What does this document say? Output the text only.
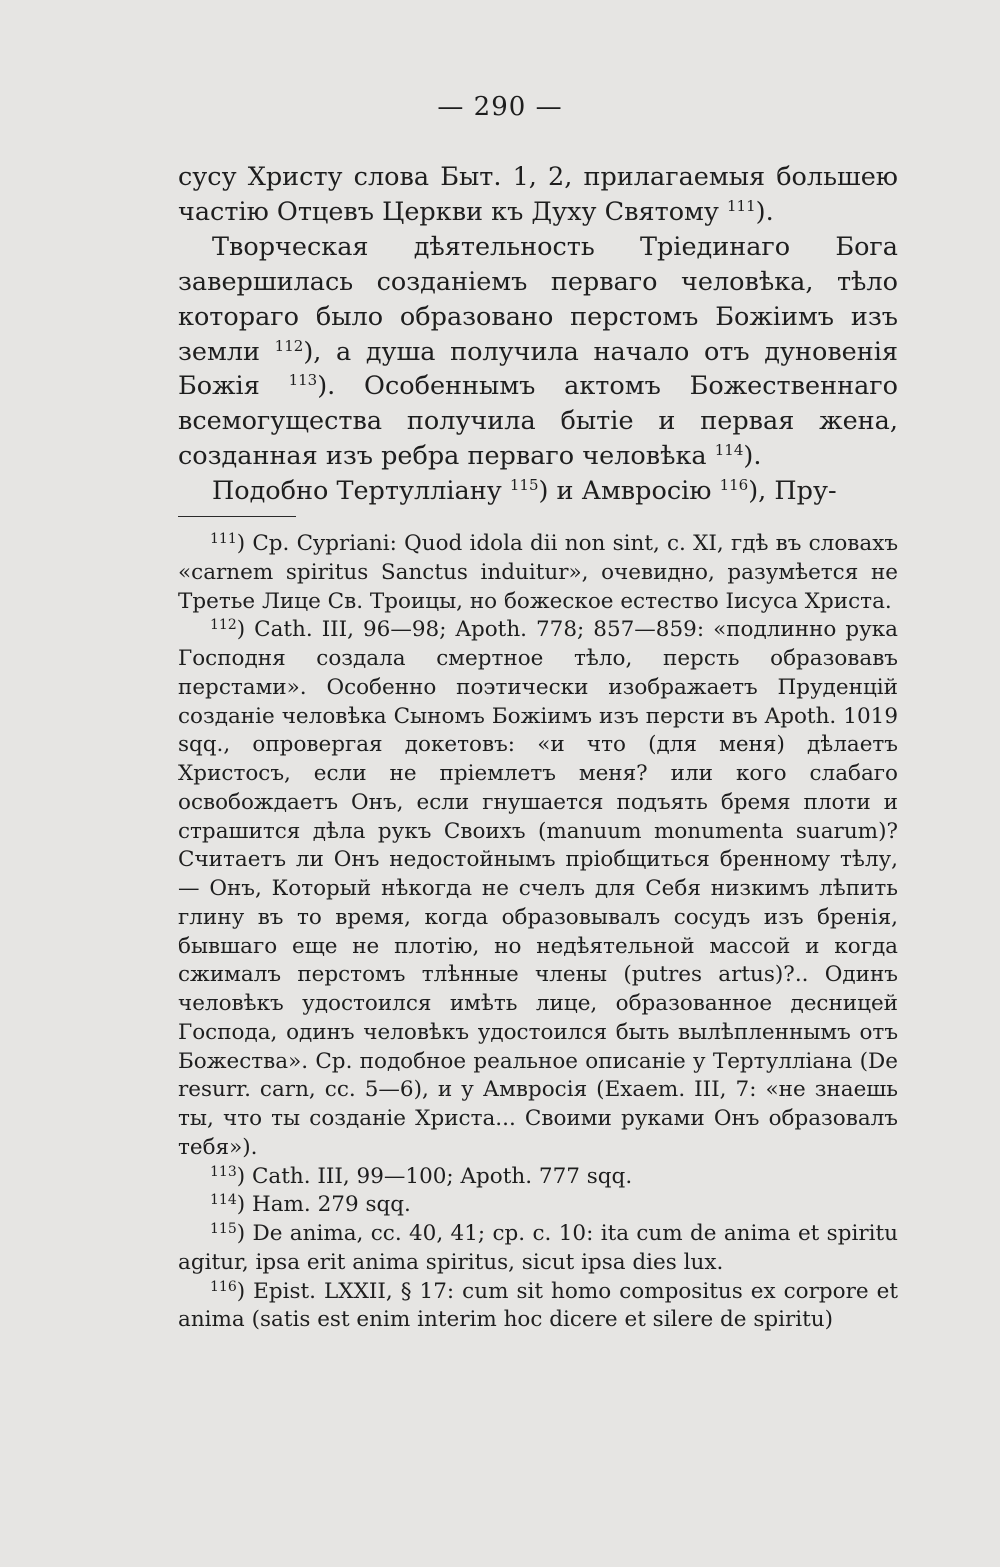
— 290 —

сусу Христу слова Быт. 1, 2, прилагаемыя большею частію Отцевъ Церкви къ Духу Святому $^{111}$).

Творческая дѣятельность Тріединаго Бога завершилась созданіемъ перваго человѣка, тѣло котораго было образовано перстомъ Божіимъ изъ земли $^{112}$), а душа получила начало отъ дуновенія Божія $^{113}$). Особеннымъ актомъ Божественнаго всемогущества получила бытіе и первая жена, созданная изъ ребра перваго человѣка $^{114}$).

Подобно Тертулліану $^{115}$) и Амвросію $^{116}$), Пру-

$^{111}$) Cp. Cypriani: Quod idola dii non sint, c. XI, гдѣ въ словахъ «carnem spiritus Sanctus induitur», очевидно, разумѣется не Третье Лице Св. Троицы, но божеское естество Іисуса Христа.

$^{112}$) Cath. III, 96—98; Apoth. 778; 857—859: «подлинно рука Господня создала смертное тѣло, персть образовавъ перстами». Особенно поэтически изображаетъ Пруденцій созданіе человѣка Сыномъ Божіимъ изъ персти въ Apoth. 1019 sqq., опровергая докетовъ: «и что (для меня) дѣлаетъ Христосъ, если не пріемлетъ меня? или кого слабаго освобождаетъ Онъ, если гнушается подъять бремя плоти и страшится дѣла рукъ Своихъ (manuum monumenta suarum)? Считаетъ ли Онъ недостойнымъ пріобщиться бренному тѣлу,— Онъ, Который нѣкогда не счелъ для Себя низкимъ лѣпить глину въ то время, когда образовывалъ сосудъ изъ бренія, бывшаго еще не плотію, но недѣятельной массой и когда сжималъ перстомъ тлѣнные члены (putres artus)?.. Одинъ человѣкъ удостоился имѣть лице, образованное десницей Господа, одинъ человѣкъ удостоился быть вылѣпленнымъ отъ Божества». Ср. подобное реальное описаніе у Тертулліана (De resurr. carn, cc. 5—6), и у Амвросія (Exaem. III, 7: «не знаешь ты, что ты созданіе Христа... Своими руками Онъ образовалъ тебя»).

$^{113}$) Cath. III, 99—100; Apoth. 777 sqq.

$^{114}$) Ham. 279 sqq.

$^{115}$) De anima, cc. 40, 41; cp. c. 10: ita cum de anima et spiritu agitur, ipsa erit anima spiritus, sicut ipsa dies lux.

$^{116}$) Epist. LXXII, § 17: cum sit homo compositus ex corpore et anima (satis est enim interim hoc dicere et silere de spiritu)
